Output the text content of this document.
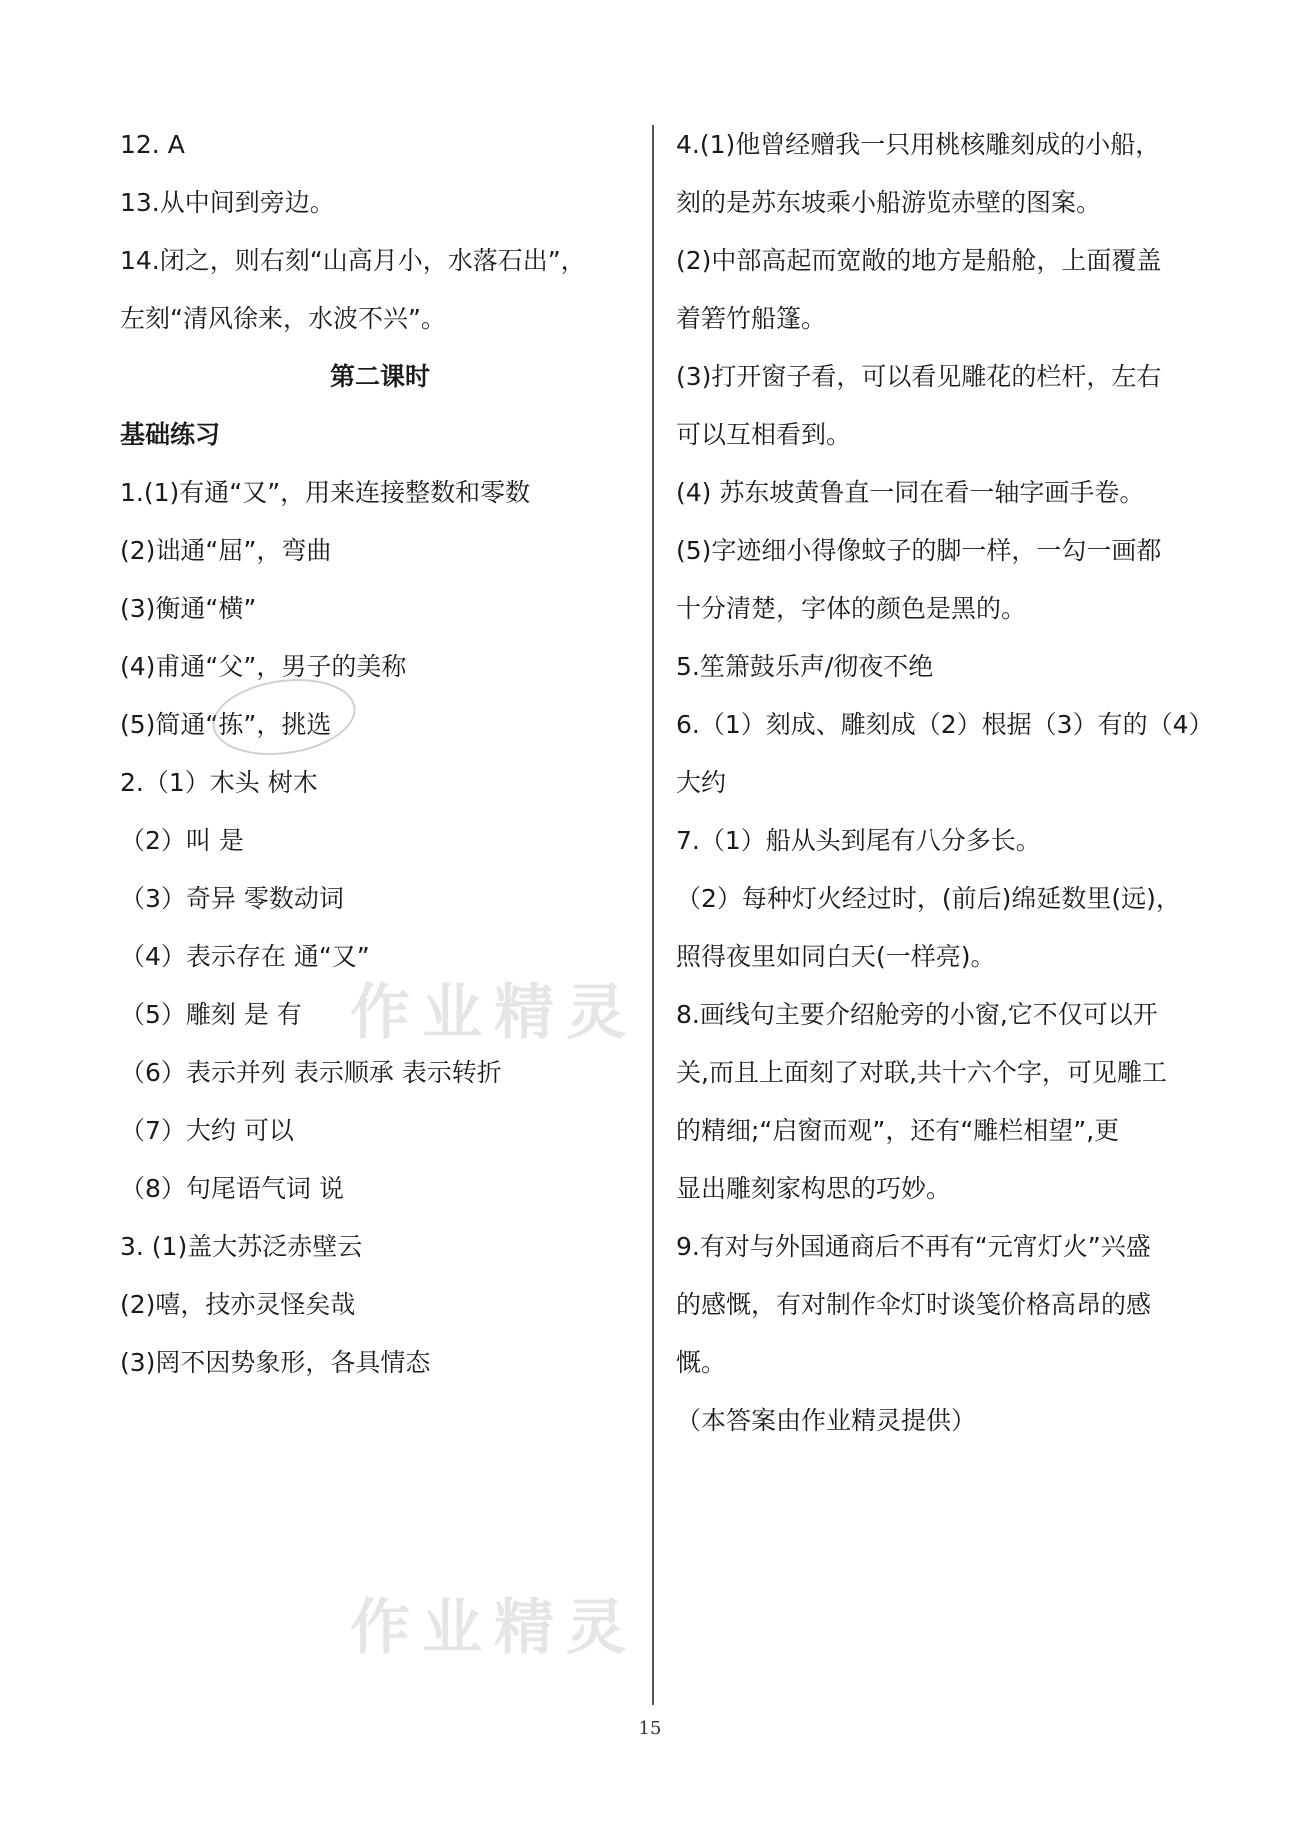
12. A
13.从中间到旁边。
14.闭之，则右刻“山高月小，水落石出”，
左刻“清风徐来，水波不兴”。
第二课时
基础练习
1.(1)有通“又”，用来连接整数和零数
(2)诎通“屈”，弯曲
(3)衡通“横”
(4)甫通“父”，男子的美称
(5)简通“拣”，挑选
2.（1）木头 树木
（2）叫 是
（3）奇异 零数动词
（4）表示存在 通“又”
（5）雕刻 是 有
（6）表示并列 表示顺承 表示转折
（7）大约 可以
（8）句尾语气词 说
3. (1)盖大苏泛赤壁云
(2)嘻，技亦灵怪矣哉
(3)罔不因势象形，各具情态
4.(1)他曾经赠我一只用桃核雕刻成的小船，
刻的是苏东坡乘小船游览赤壁的图案。
(2)中部高起而宽敞的地方是船舱，上面覆盖
着箬竹船篷。
(3)打开窗子看，可以看见雕花的栏杆，左右
可以互相看到。
(4) 苏东坡黄鲁直一同在看一轴字画手卷。
(5)字迹细小得像蚊子的脚一样，一勾一画都
十分清楚，字体的颜色是黑的。
5.笙箫鼓乐声/彻夜不绝
6.（1）刻成、雕刻成（2）根据（3）有的（4）
大约
7.（1）船从头到尾有八分多长。
（2）每种灯火经过时，(前后)绵延数里(远)，
照得夜里如同白天(一样亮)。
8.画线句主要介绍舱旁的小窗,它不仅可以开
关,而且上面刻了对联,共十六个字，可见雕工
的精细;“启窗而观”，还有“雕栏相望”,更
显出雕刻家构思的巧妙。
9.有对与外国通商后不再有“元宵灯火”兴盛
的感慨，有对制作伞灯时谈笺价格高昂的感
慨。
（本答案由作业精灵提供）
作业精灵
作业精灵
15
